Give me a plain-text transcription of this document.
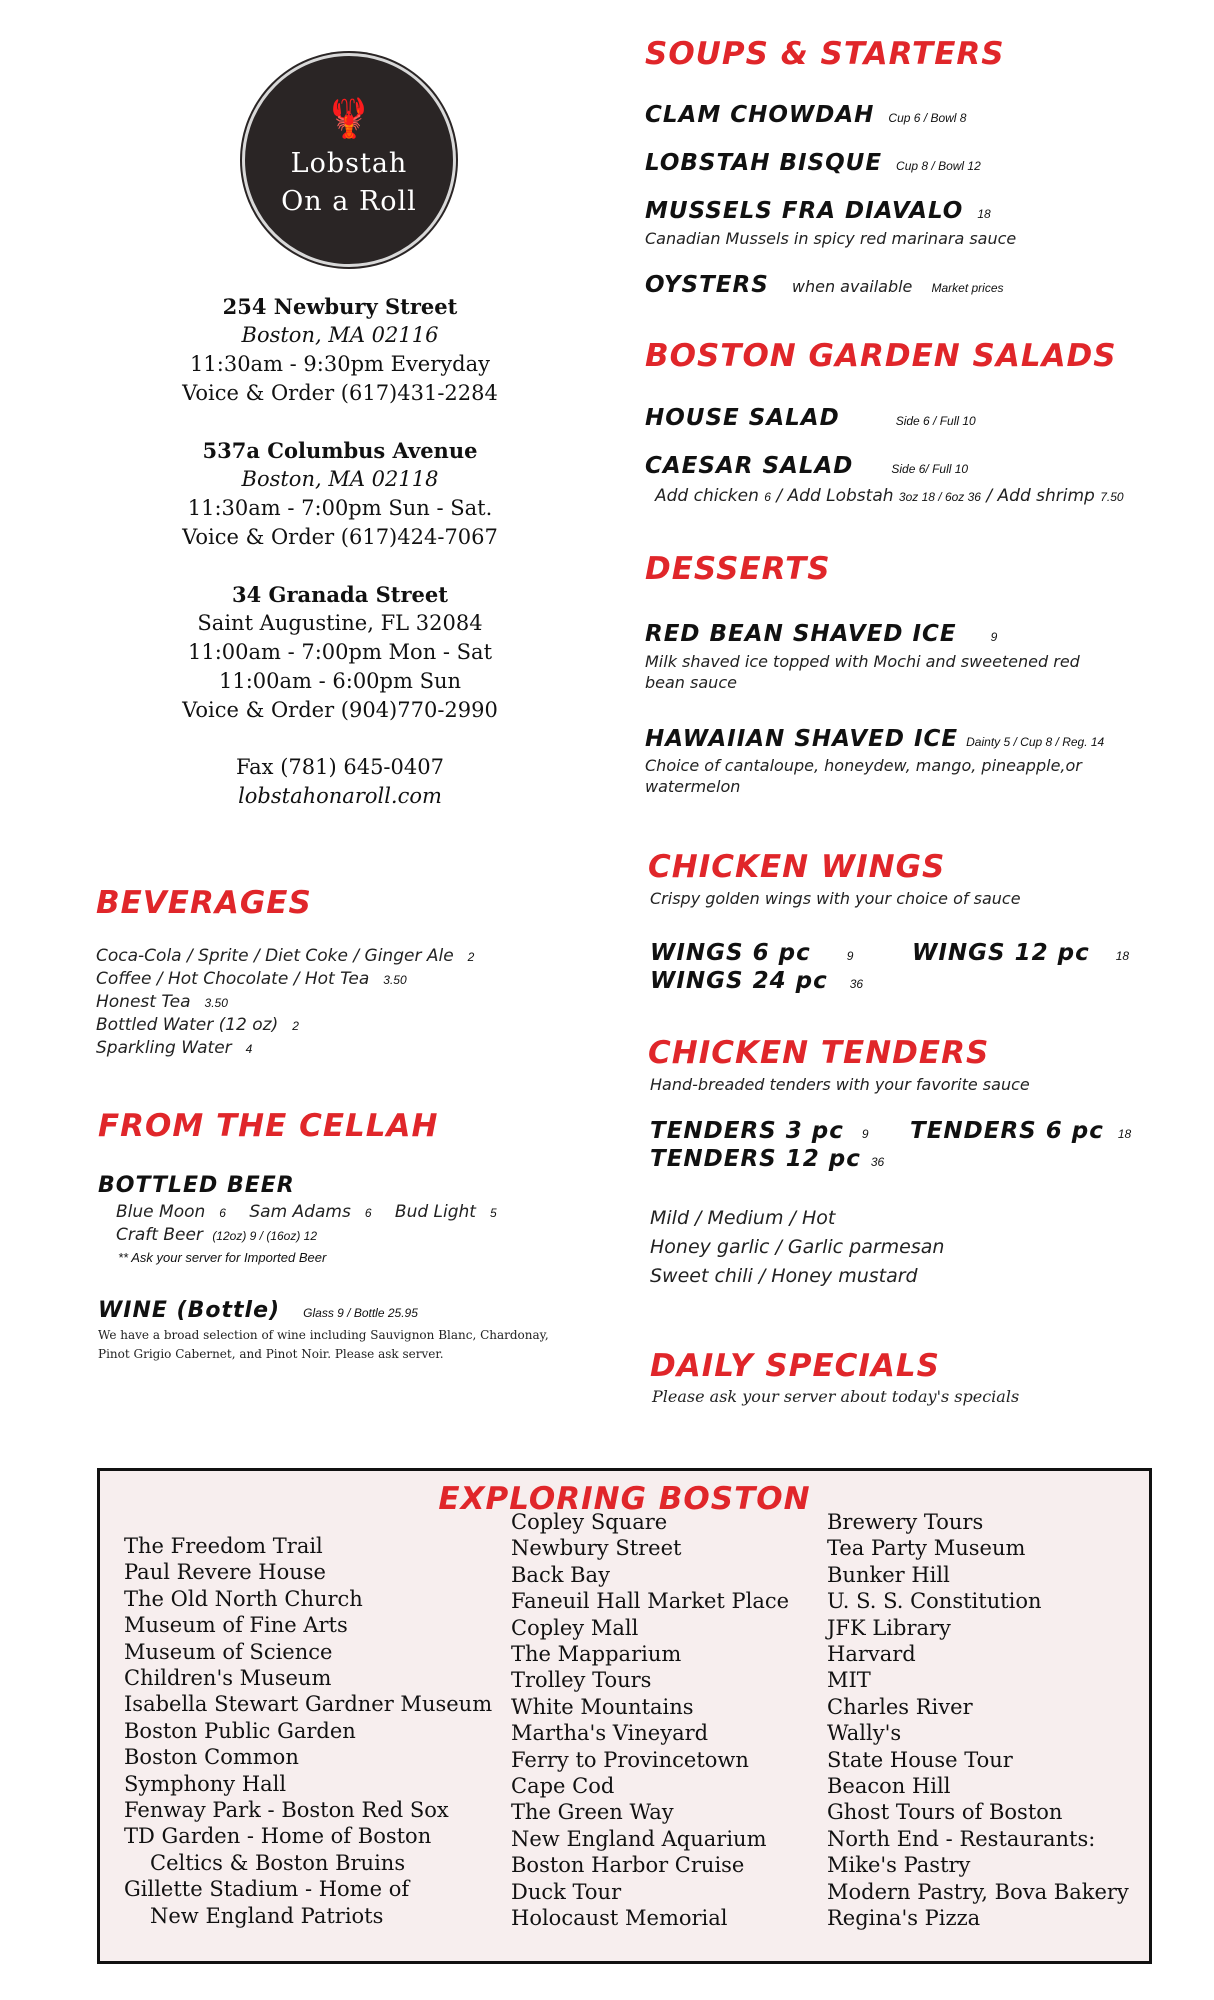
🦞
Lobstah
On a Roll
254 Newbury Street
Boston, MA 02116
11:30am - 9:30pm Everyday
Voice & Order (617)431-2284
537a Columbus Avenue
Boston, MA 02118
11:30am - 7:00pm Sun - Sat.
Voice & Order (617)424-7067
34 Granada Street
Saint Augustine, FL 32084
11:00am - 7:00pm Mon - Sat
11:00am - 6:00pm Sun
Voice & Order (904)770-2990
Fax (781) 645-0407
lobstahonaroll.com
BEVERAGES
Coca-Cola / Sprite / Diet Coke / Ginger Ale 2
Coffee / Hot Chocolate / Hot Tea 3.50
Honest Tea 3.50
Bottled Water (12 oz) 2
Sparkling Water 4
FROM THE CELLAH
BOTTLED BEER
Blue Moon 6 Sam Adams 6 Bud Light 5
Craft Beer (12oz) 9 / (16oz) 12
** Ask your server for Imported Beer
WINE (Bottle) Glass 9 / Bottle 25.95
We have a broad selection of wine including Sauvignon Blanc, Chardonay, Pinot Grigio Cabernet, and Pinot Noir. Please ask server.
SOUPS & STARTERS
CLAM CHOWDAH Cup 6 / Bowl 8
LOBSTAH BISQUE Cup 8 / Bowl 12
MUSSELS FRA DIAVALO 18
Canadian Mussels in spicy red marinara sauce
OYSTERS when available Market prices
BOSTON GARDEN SALADS
HOUSE SALAD	Side 6 / Full 10
CAESAR SALAD	Side 6/ Full 10
Add chicken 6 / Add Lobstah 3oz 18 / 6oz 36 / Add shrimp 7.50
DESSERTS
RED BEAN SHAVED ICE	9
Milk shaved ice topped with Mochi and sweetened red bean sauce
HAWAIIAN SHAVED ICE Dainty 5 / Cup 8 / Reg. 14
Choice of cantaloupe, honeydew, mango, pineapple,or watermelon
CHICKEN WINGS
Crispy golden wings with your choice of sauce
WINGS 6 pc	9	WINGS 12 pc 18
WINGS 24 pc 36
CHICKEN TENDERS
Hand-breaded tenders with your favorite sauce
TENDERS 3 pc 9 TENDERS 6 pc 18
TENDERS 12 pc 36
Mild / Medium / Hot
Honey garlic / Garlic parmesan
Sweet chili / Honey mustard
DAILY SPECIALS
Please ask your server about today's specials
EXPLORING BOSTON
The Freedom Trail
Paul Revere House
The Old North Church
Museum of Fine Arts
Museum of Science
Children's Museum
Isabella Stewart Gardner Museum
Boston Public Garden
Boston Common
Symphony Hall
Fenway Park - Boston Red Sox
TD Garden - Home of Boston
Celtics & Boston Bruins
Gillette Stadium - Home of
New England Patriots
Copley Square
Newbury Street
Back Bay
Faneuil Hall Market Place
Copley Mall
The Mapparium
Trolley Tours
White Mountains
Martha's Vineyard
Ferry to Provincetown
Cape Cod
The Green Way
New England Aquarium
Boston Harbor Cruise
Duck Tour
Holocaust Memorial
Brewery Tours
Tea Party Museum
Bunker Hill
U. S. S. Constitution
JFK Library
Harvard
MIT
Charles River
Wally's
State House Tour
Beacon Hill
Ghost Tours of Boston
North End - Restaurants:
Mike's Pastry
Modern Pastry, Bova Bakery
Regina's Pizza
